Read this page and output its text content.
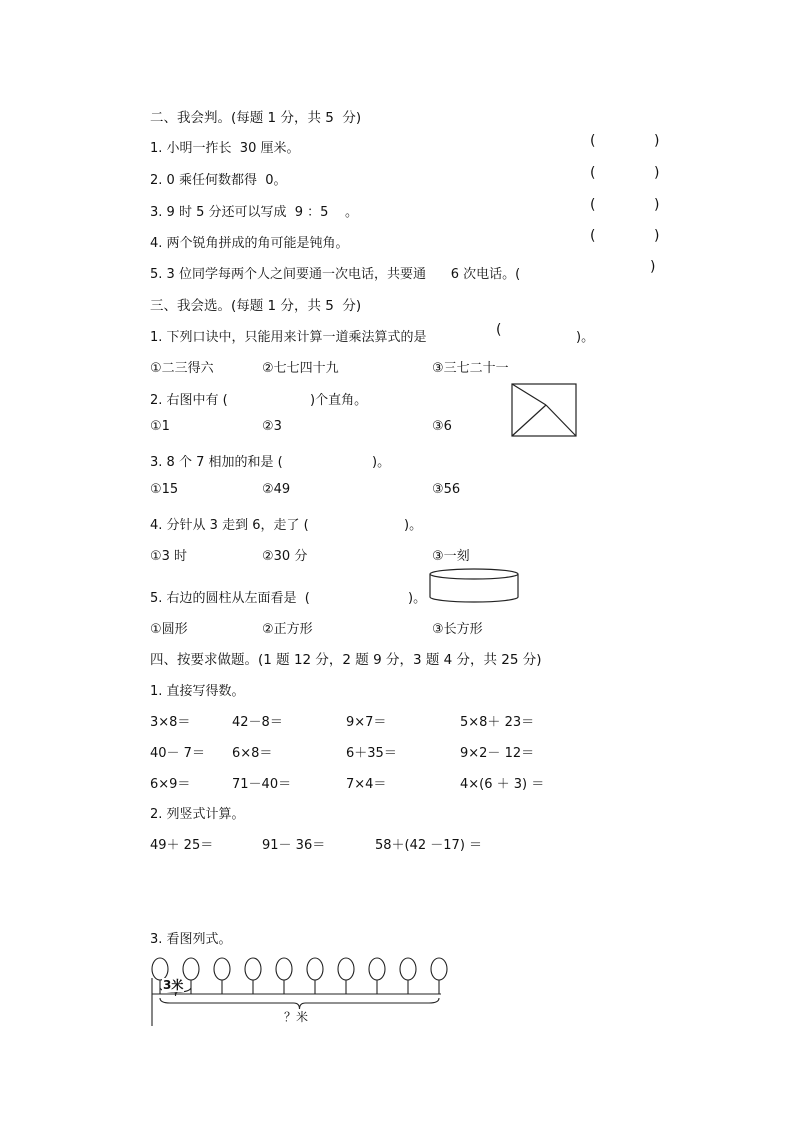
二、我会判。(每题 1 分，共 5  分)
1. 小明一拃长  30 厘米。	(	)
2. 0 乘任何数都得  0。	(	)
3. 9 时 5 分还可以写成  9 ：5    。	(	)
4. 两个锐角拼成的角可能是钝角。	(	)
5. 3 位同学每两个人之间要通一次电话，共要通      6 次电话。(	)
三、我会选。(每题 1 分，共 5  分)
1. 下列口诀中，只能用来计算一道乘法算式的是	(	)。
①二三得六	②七七四十九	③三七二十一
2. 右图中有 (	)个直角。
①1	②3	③6
3. 8 个 7 相加的和是 (	)。
①15	②49	③56
4. 分针从 3 走到 6，走了 (	)。
①3 时	②30 分	③一刻
5. 右边的圆柱从左面看是  (	)。
①圆形	②正方形	③长方形
四、按要求做题。(1 题 12 分，2 题 9 分，3 题 4 分，共 25 分)
1. 直接写得数。
3×8＝	42－8＝	9×7＝	5×8＋ 23＝
40－ 7＝ 6×8＝	6＋35＝	9×2－ 12＝
6×9＝	71－40＝	7×4＝	4×(6 ＋ 3) ＝
2. 列竖式计算。
49＋ 25＝	91－ 36＝	58＋(42 －17) ＝
3. 看图列式。
3米
？米
